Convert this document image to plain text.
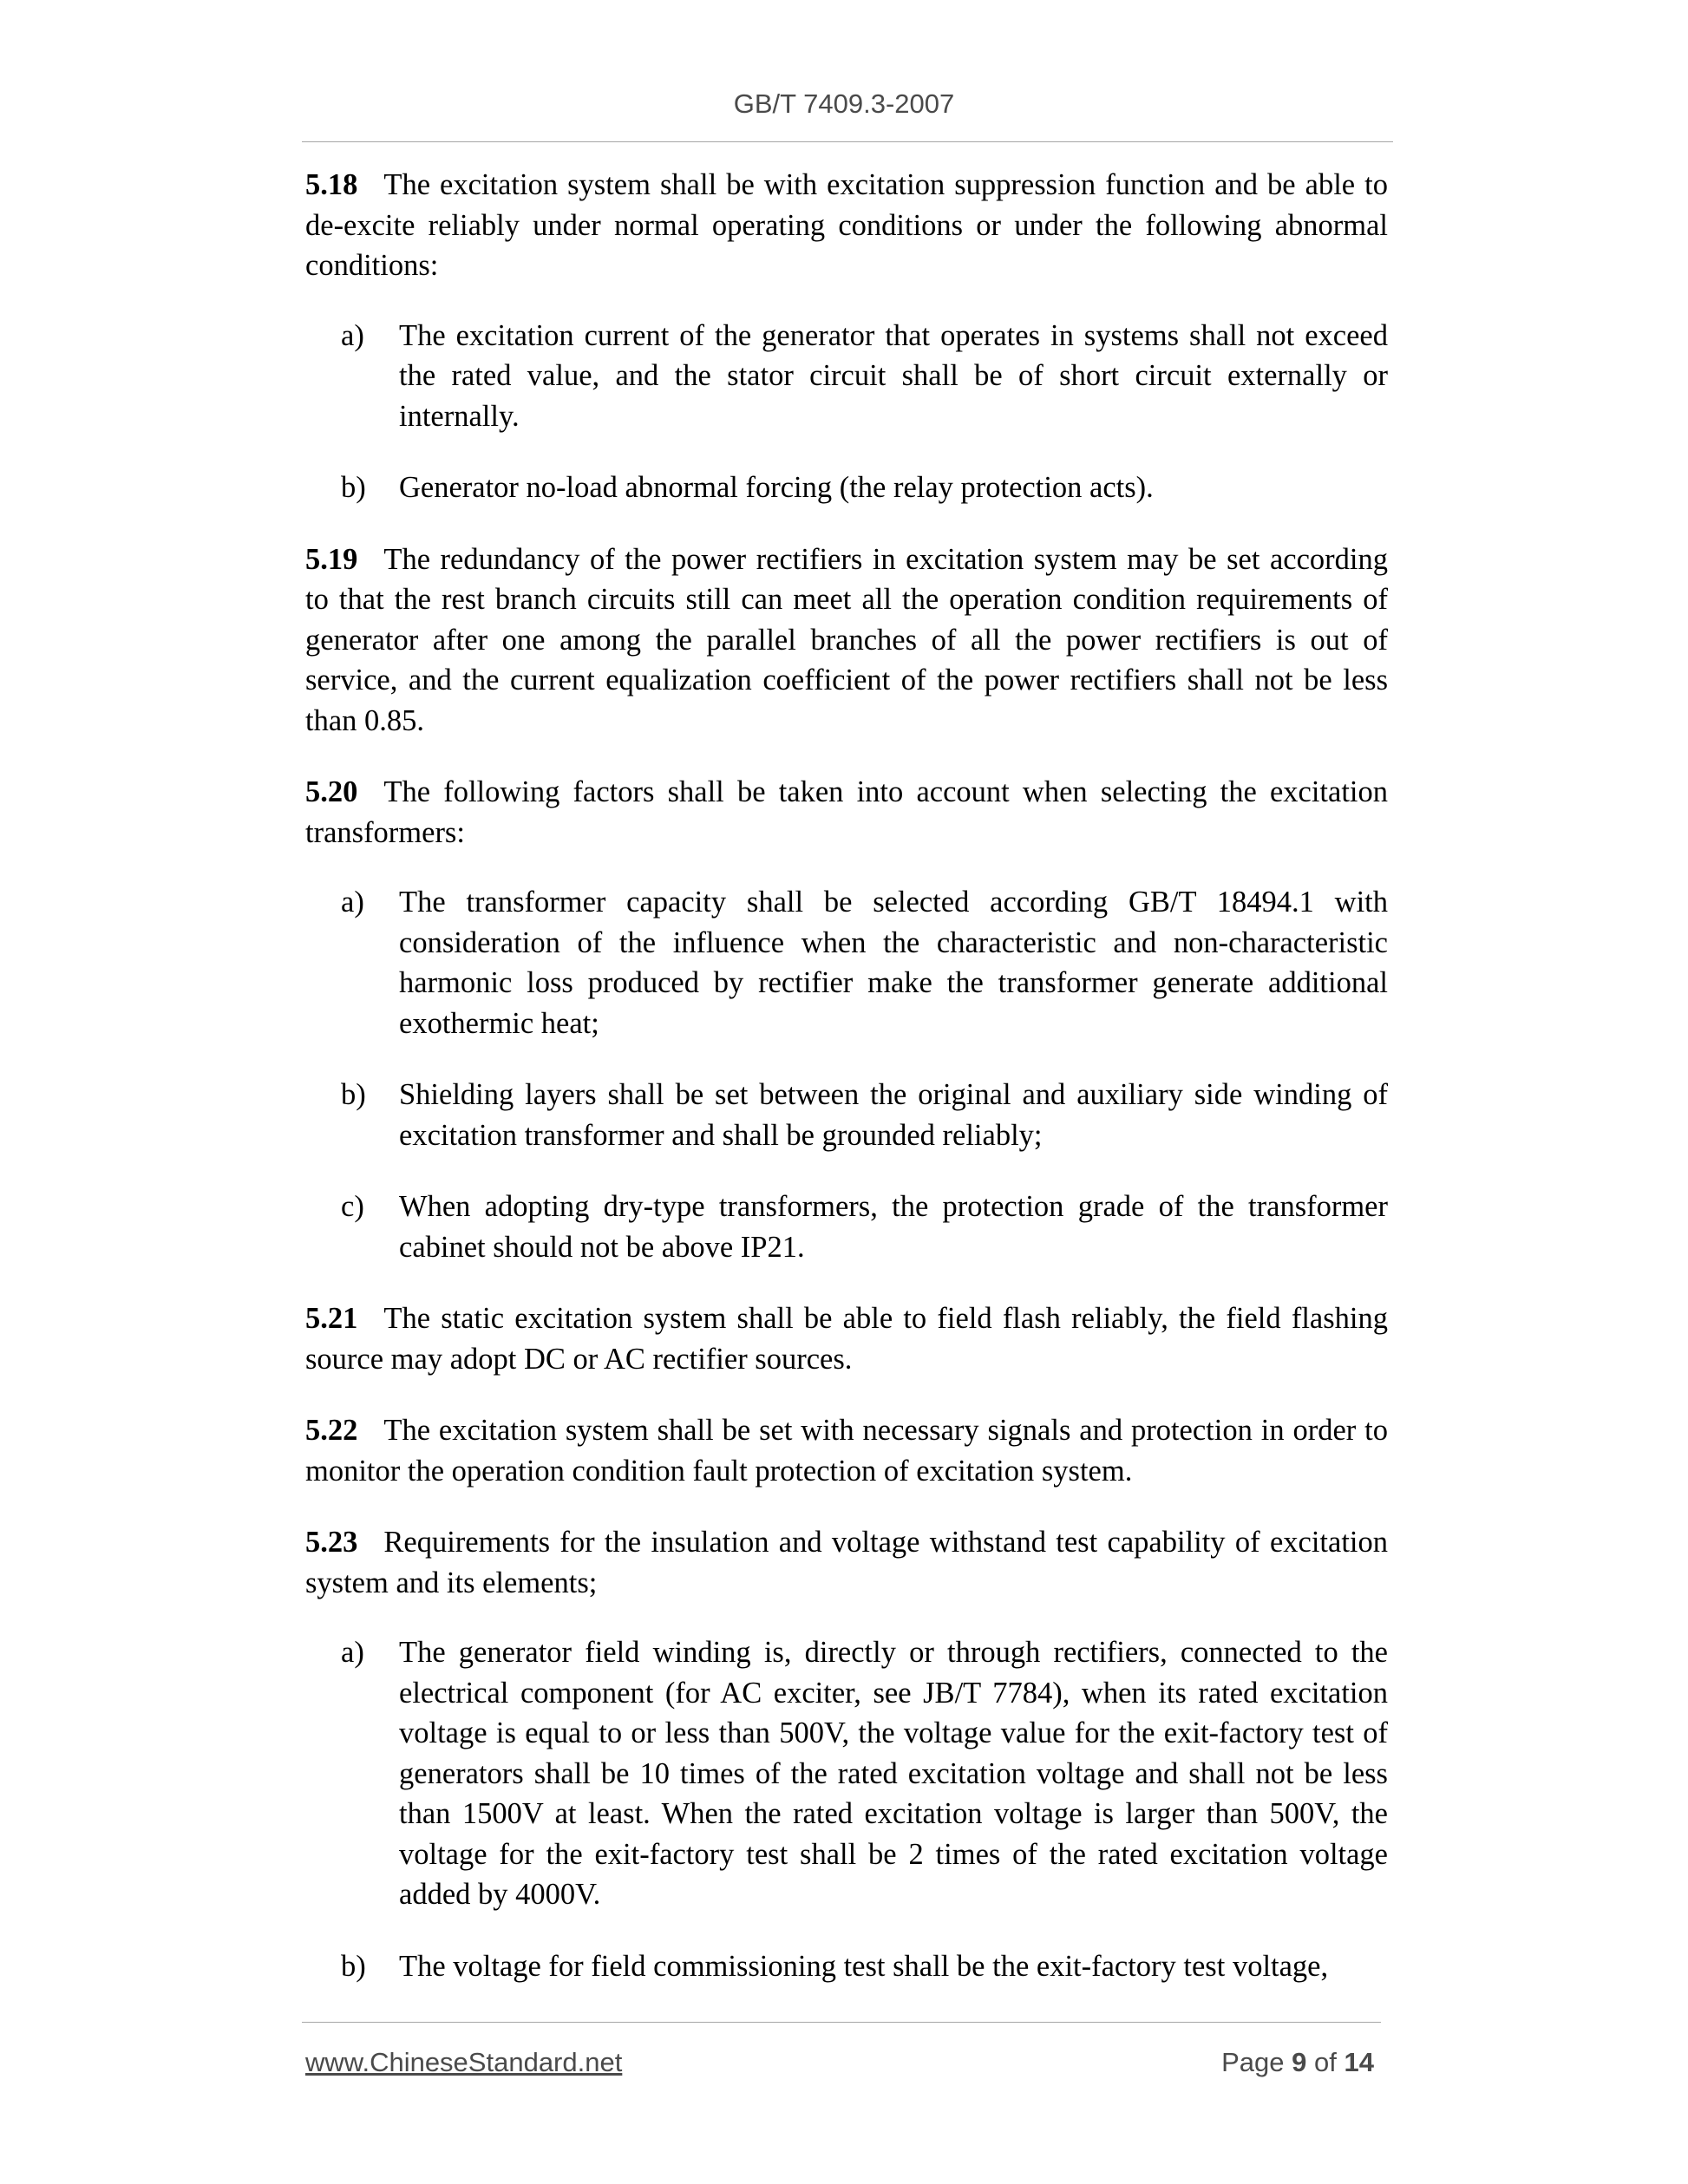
GB/T 7409.3-2007
5.18 The excitation system shall be with excitation suppression function and be able to de-excite reliably under normal operating conditions or under the following abnormal conditions:
a) The excitation current of the generator that operates in systems shall not exceed the rated value, and the stator circuit shall be of short circuit externally or internally.
b) Generator no-load abnormal forcing (the relay protection acts).
5.19 The redundancy of the power rectifiers in excitation system may be set according to that the rest branch circuits still can meet all the operation condition requirements of generator after one among the parallel branches of all the power rectifiers is out of service, and the current equalization coefficient of the power rectifiers shall not be less than 0.85.
5.20 The following factors shall be taken into account when selecting the excitation transformers:
a) The transformer capacity shall be selected according GB/T 18494.1 with consideration of the influence when the characteristic and non-characteristic harmonic loss produced by rectifier make the transformer generate additional exothermic heat;
b) Shielding layers shall be set between the original and auxiliary side winding of excitation transformer and shall be grounded reliably;
c) When adopting dry-type transformers, the protection grade of the transformer cabinet should not be above IP21.
5.21 The static excitation system shall be able to field flash reliably, the field flashing source may adopt DC or AC rectifier sources.
5.22 The excitation system shall be set with necessary signals and protection in order to monitor the operation condition fault protection of excitation system.
5.23 Requirements for the insulation and voltage withstand test capability of excitation system and its elements;
a) The generator field winding is, directly or through rectifiers, connected to the electrical component (for AC exciter, see JB/T 7784), when its rated excitation voltage is equal to or less than 500V, the voltage value for the exit-factory test of generators shall be 10 times of the rated excitation voltage and shall not be less than 1500V at least. When the rated excitation voltage is larger than 500V, the voltage for the exit-factory test shall be 2 times of the rated excitation voltage added by 4000V.
b) The voltage for field commissioning test shall be the exit-factory test voltage,
www.ChineseStandard.net	Page 9 of 14
